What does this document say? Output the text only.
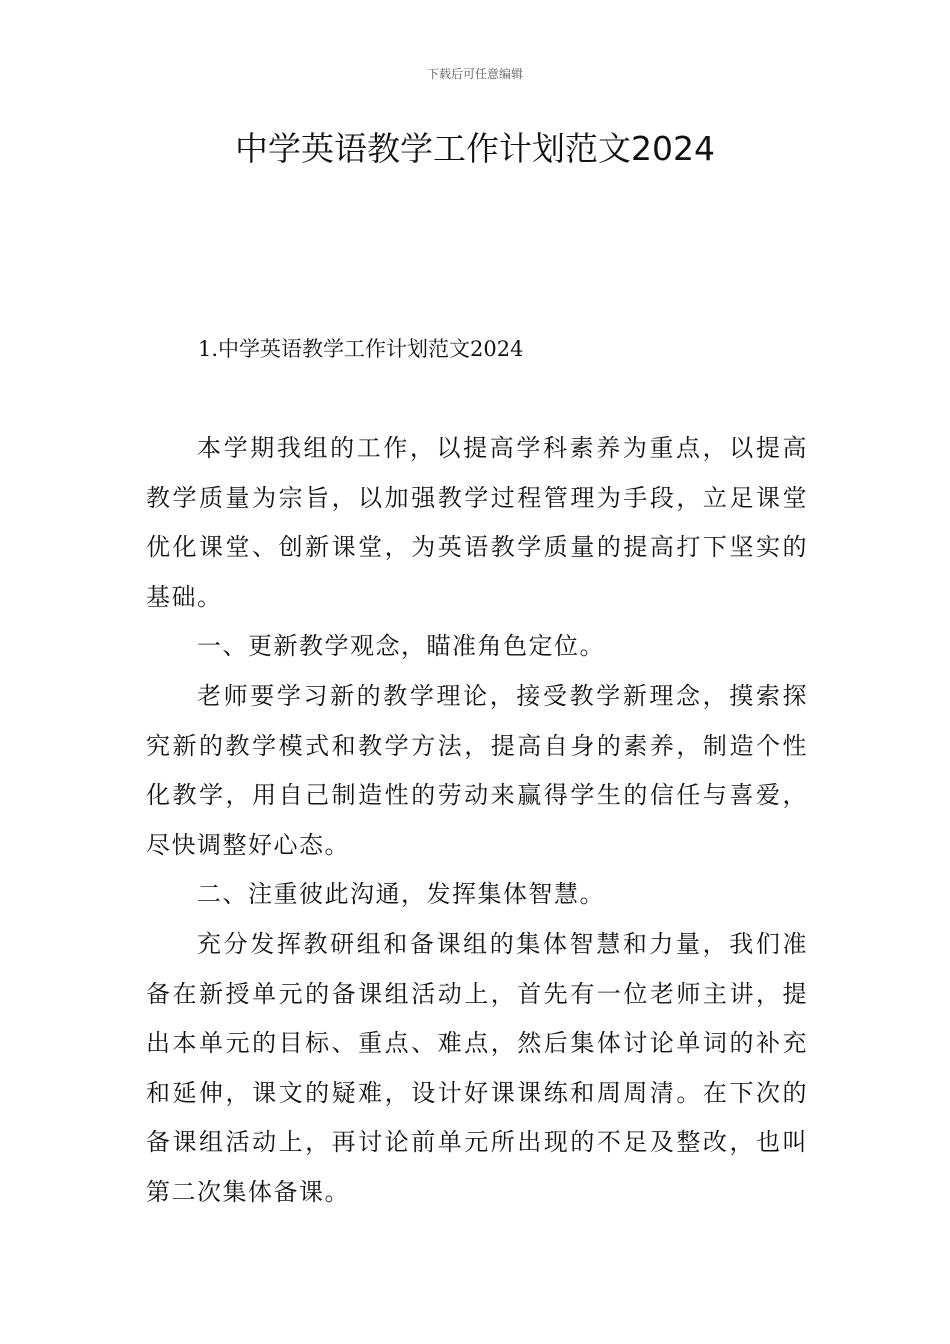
下载后可任意编辑
中学英语教学工作计划范文2024
1.中学英语教学工作计划范文2024

本学期我组的工作，以提高学科素养为重点，以提高教学质量为宗旨，以加强教学过程管理为手段，立足课堂优化课堂、创新课堂，为英语教学质量的提高打下坚实的基础。

一、更新教学观念，瞄准角色定位。

老师要学习新的教学理论，接受教学新理念，摸索探究新的教学模式和教学方法，提高自身的素养，制造个性化教学，用自己制造性的劳动来赢得学生的信任与喜爱，尽快调整好心态。

二、注重彼此沟通，发挥集体智慧。

充分发挥教研组和备课组的集体智慧和力量，我们准备在新授单元的备课组活动上，首先有一位老师主讲，提出本单元的目标、重点、难点，然后集体讨论单词的补充和延伸，课文的疑难，设计好课课练和周周清。在下次的备课组活动上，再讨论前单元所出现的不足及整改，也叫第二次集体备课。
